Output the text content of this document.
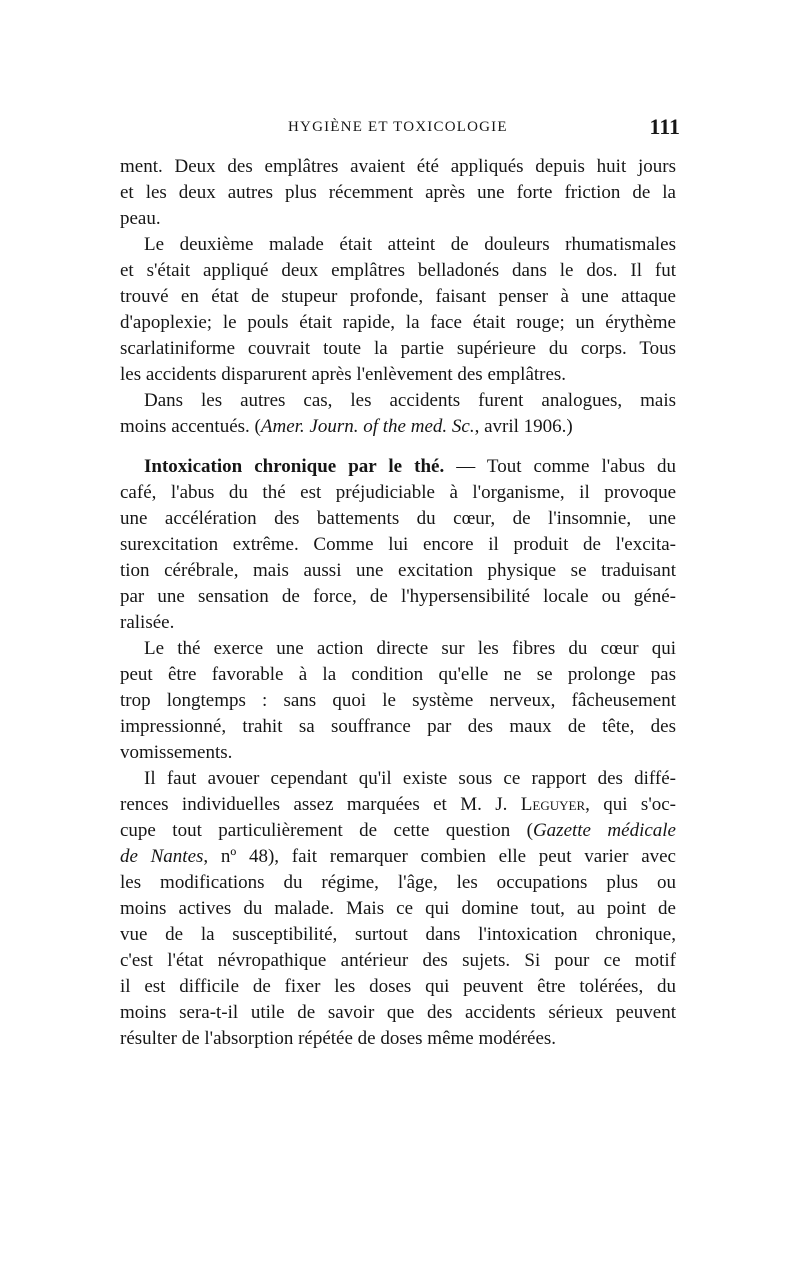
HYGIÈNE ET TOXICOLOGIE	111
ment. Deux des emplâtres avaient été appliqués depuis huit jours
et les deux autres plus récemment après une forte friction de la
peau.
Le deuxième malade était atteint de douleurs rhumatismales
et s'était appliqué deux emplâtres belladonés dans le dos. Il fut
trouvé en état de stupeur profonde, faisant penser à une attaque
d'apoplexie; le pouls était rapide, la face était rouge; un érythème
scarlatiniforme couvrait toute la partie supérieure du corps. Tous
les accidents disparurent après l'enlèvement des emplâtres.
Dans les autres cas, les accidents furent analogues, mais
moins accentués. (Amer. Journ. of the med. Sc., avril 1906.)
Intoxication chronique par le thé. — Tout comme l'abus du
café, l'abus du thé est préjudiciable à l'organisme, il provoque
une accélération des battements du cœur, de l'insomnie, une
surexcitation extrême. Comme lui encore il produit de l'excita-
tion cérébrale, mais aussi une excitation physique se traduisant
par une sensation de force, de l'hypersensibilité locale ou géné-
ralisée.
Le thé exerce une action directe sur les fibres du cœur qui
peut être favorable à la condition qu'elle ne se prolonge pas
trop longtemps : sans quoi le système nerveux, fâcheusement
impressionné, trahit sa souffrance par des maux de tête, des
vomissements.
Il faut avouer cependant qu'il existe sous ce rapport des diffé-
rences individuelles assez marquées et M. J. Leguyer, qui s'oc-
cupe tout particulièrement de cette question (Gazette médicale
de Nantes, nº 48), fait remarquer combien elle peut varier avec
les modifications du régime, l'âge, les occupations plus ou
moins actives du malade. Mais ce qui domine tout, au point de
vue de la susceptibilité, surtout dans l'intoxication chronique,
c'est l'état névropathique antérieur des sujets. Si pour ce motif
il est difficile de fixer les doses qui peuvent être tolérées, du
moins sera-t-il utile de savoir que des accidents sérieux peuvent
résulter de l'absorption répétée de doses même modérées.
